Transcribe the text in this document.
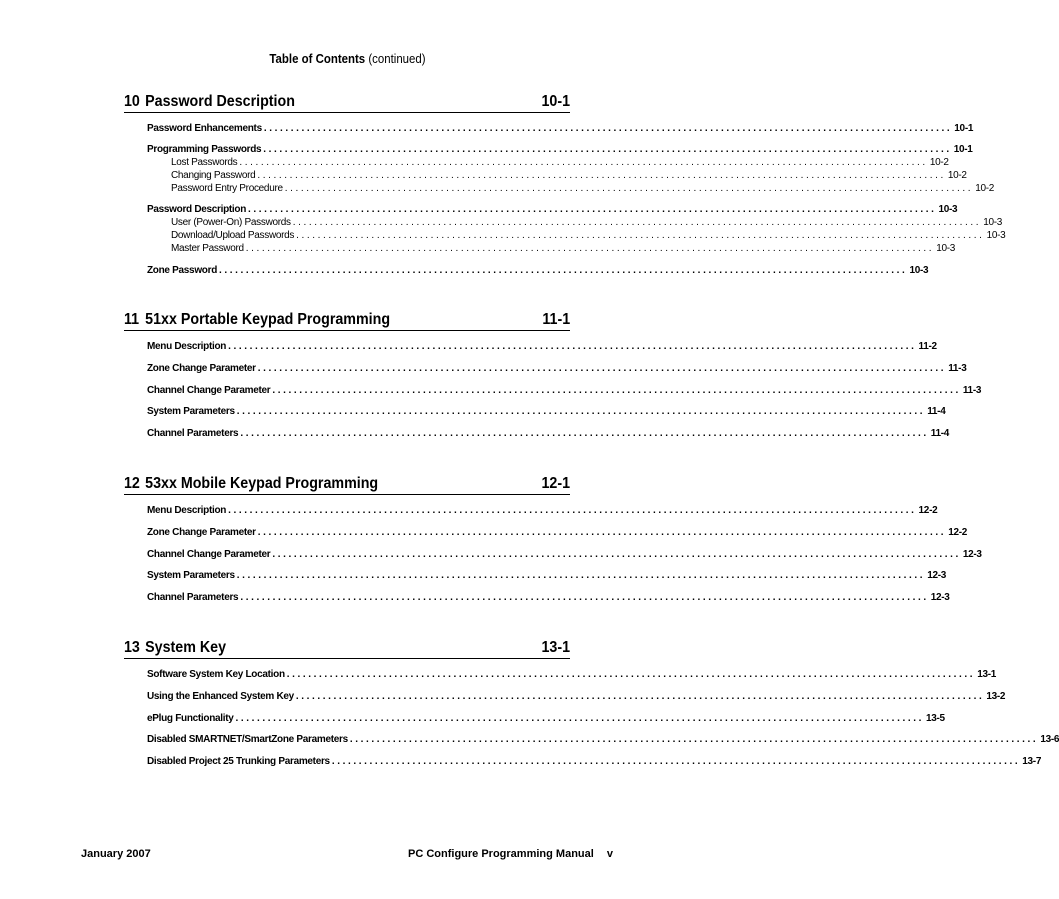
Table of Contents (continued)
10 Password Description	10-1
Password Enhancements ................................................................................................................................ 10-1
Programming Passwords ................................................................................................................................ 10-1
Lost Passwords ................................................................................................................................ 10-2
Changing Password ................................................................................................................................ 10-2
Password Entry Procedure ................................................................................................................................ 10-2
Password Description ................................................................................................................................ 10-3
User (Power-On) Passwords ................................................................................................................................ 10-3
Download/Upload Passwords ................................................................................................................................ 10-3
Master Password ................................................................................................................................ 10-3
Zone Password ................................................................................................................................ 10-3
11 51xx Portable Keypad Programming	11-1
Menu Description ................................................................................................................................ 11-2
Zone Change Parameter ................................................................................................................................ 11-3
Channel Change Parameter ................................................................................................................................ 11-3
System Parameters ................................................................................................................................ 11-4
Channel Parameters ................................................................................................................................ 11-4
12 53xx Mobile Keypad Programming	12-1
Menu Description ................................................................................................................................ 12-2
Zone Change Parameter ................................................................................................................................ 12-2
Channel Change Parameter ................................................................................................................................ 12-3
System Parameters ................................................................................................................................ 12-3
Channel Parameters ................................................................................................................................ 12-3
13 System Key	13-1
Software System Key Location ................................................................................................................................ 13-1
Using the Enhanced System Key ................................................................................................................................ 13-2
ePlug Functionality ................................................................................................................................ 13-5
Disabled SMARTNET/SmartZone Parameters ................................................................................................................................ 13-6
Disabled Project 25 Trunking Parameters ................................................................................................................................ 13-7
January 2007	PC Configure Programming Manual v
